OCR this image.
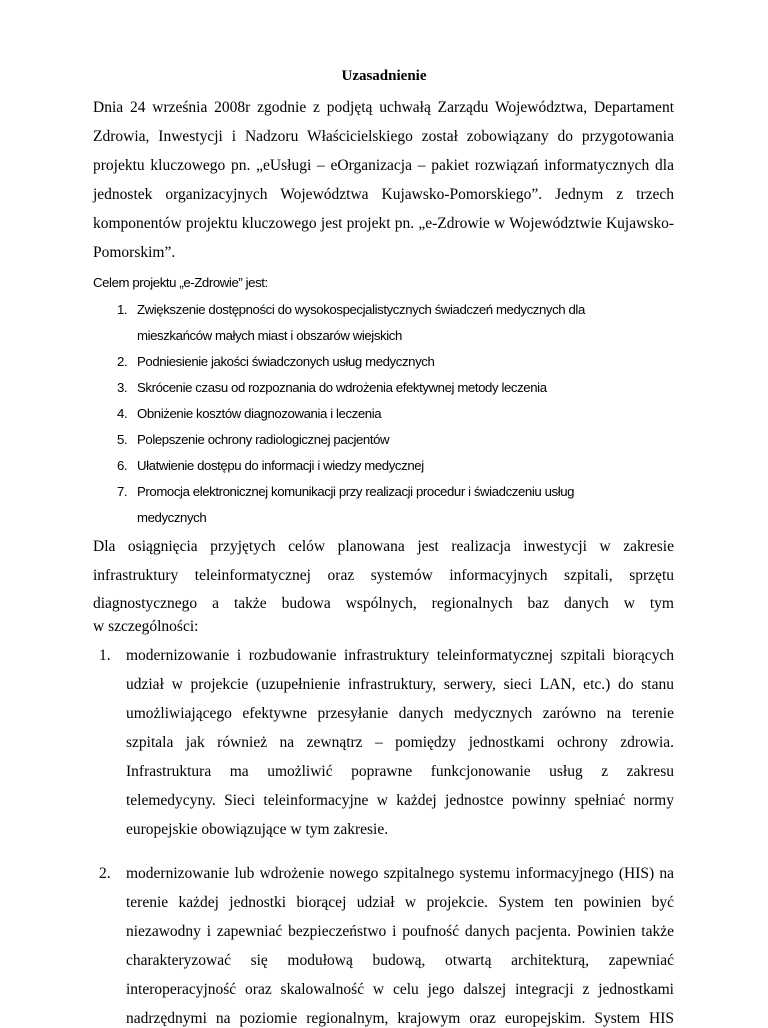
Uzasadnienie
Dnia 24 września 2008r zgodnie z podjętą uchwałą Zarządu Województwa, Departament
Zdrowia, Inwestycji i Nadzoru Właścicielskiego został zobowiązany do przygotowania
projektu kluczowego pn. „eUsługi – eOrganizacja – pakiet rozwiązań informatycznych dla
jednostek organizacyjnych Województwa Kujawsko-Pomorskiego”. Jednym z trzech
komponentów projektu kluczowego jest projekt pn. „e-Zdrowie w Województwie Kujawsko-
Pomorskim”.
Celem projektu „e-Zdrowie” jest:
1. Zwiększenie dostępności do wysokospecjalistycznych świadczeń medycznych dla
mieszkańców małych miast i obszarów wiejskich
2. Podniesienie jakości świadczonych usług medycznych
3. Skrócenie czasu od rozpoznania do wdrożenia efektywnej metody leczenia
4. Obniżenie kosztów diagnozowania i leczenia
5. Polepszenie ochrony radiologicznej pacjentów
6. Ułatwienie dostępu do informacji i wiedzy medycznej
7. Promocja elektronicznej komunikacji przy realizacji procedur i świadczeniu usług
medycznych
Dla osiągnięcia przyjętych celów planowana jest realizacja inwestycji w zakresie
infrastruktury teleinformatycznej oraz systemów informacyjnych szpitali, sprzętu
diagnostycznego a także budowa wspólnych, regionalnych baz danych w tym
w szczególności:
1. modernizowanie i rozbudowanie infrastruktury teleinformatycznej szpitali biorących
udział w projekcie (uzupełnienie infrastruktury, serwery, sieci LAN, etc.) do stanu
umożliwiającego efektywne przesyłanie danych medycznych zarówno na terenie
szpitala jak również na zewnątrz – pomiędzy jednostkami ochrony zdrowia.
Infrastruktura ma umożliwić poprawne funkcjonowanie usług z zakresu
telemedycyny. Sieci teleinformacyjne w każdej jednostce powinny spełniać normy
europejskie obowiązujące w tym zakresie.
2. modernizowanie lub wdrożenie nowego szpitalnego systemu informacyjnego (HIS) na
terenie każdej jednostki biorącej udział w projekcie. System ten powinien być
niezawodny i zapewniać bezpieczeństwo i poufność danych pacjenta. Powinien także
charakteryzować się modułową budową, otwartą architekturą, zapewniać
interoperacyjność oraz skalowalność w celu jego dalszej integracji z jednostkami
nadrzędnymi na poziomie regionalnym, krajowym oraz europejskim. System HIS
